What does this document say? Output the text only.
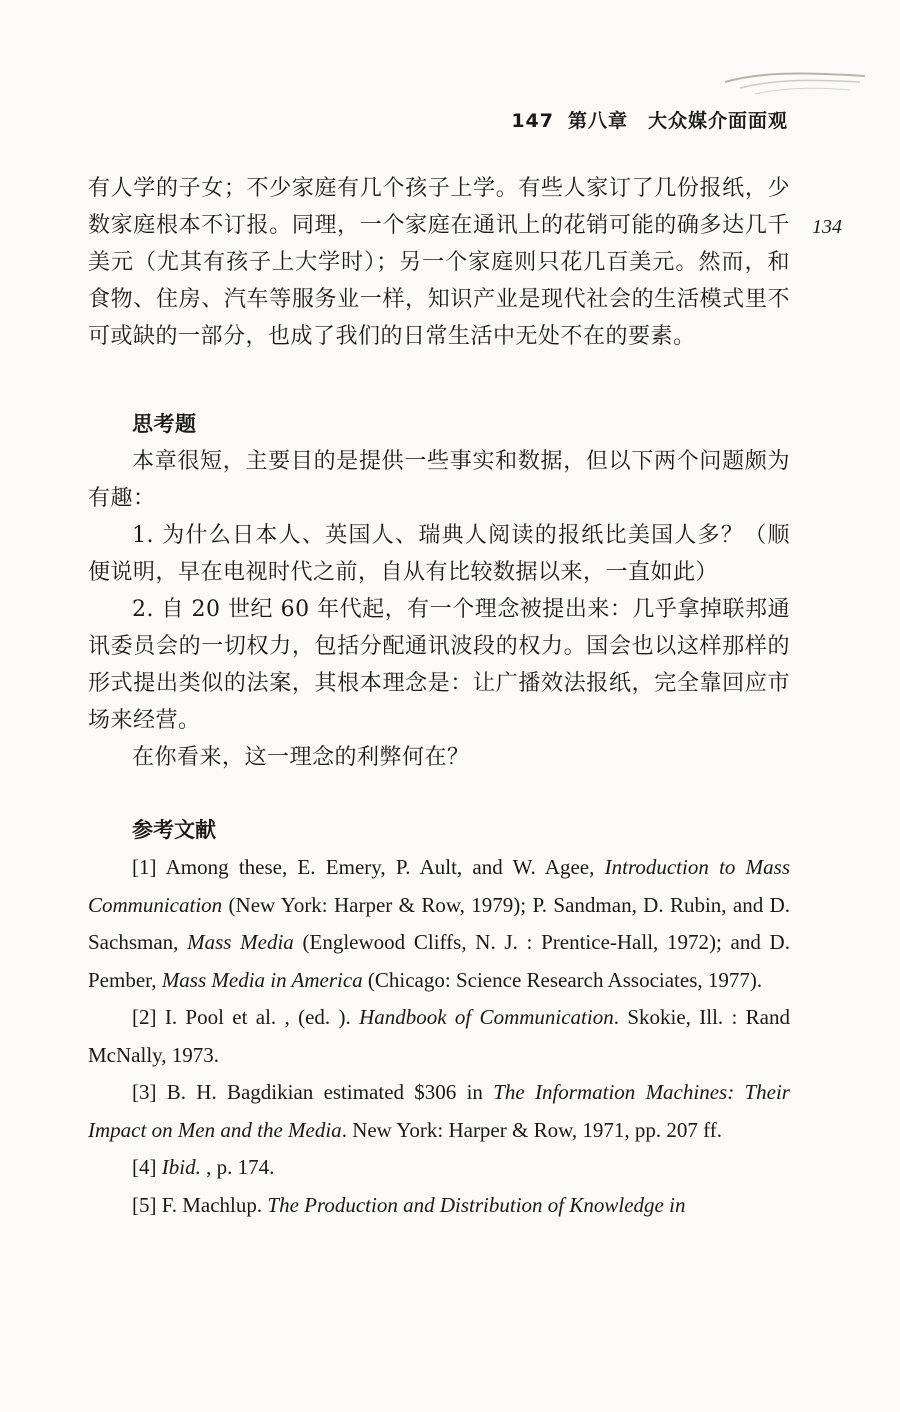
147 第八章　大众媒介面面观
134

有人学的子女；不少家庭有几个孩子上学。有些人家订了几份报纸，少数家庭根本不订报。同理，一个家庭在通讯上的花销可能的确多达几千美元（尤其有孩子上大学时）；另一个家庭则只花几百美元。然而，和食物、住房、汽车等服务业一样，知识产业是现代社会的生活模式里不可或缺的一部分，也成了我们的日常生活中无处不在的要素。

思考题

本章很短，主要目的是提供一些事实和数据，但以下两个问题颇为有趣：

1. 为什么日本人、英国人、瑞典人阅读的报纸比美国人多？（顺便说明，早在电视时代之前，自从有比较数据以来，一直如此）

2. 自 20 世纪 60 年代起，有一个理念被提出来：几乎拿掉联邦通讯委员会的一切权力，包括分配通讯波段的权力。国会也以这样那样的形式提出类似的法案，其根本理念是：让广播效法报纸，完全靠回应市场来经营。

在你看来，这一理念的利弊何在？

参考文献

[1] Among these, E. Emery, P. Ault, and W. Agee, Introduction to Mass Communication (New York: Harper & Row, 1979); P. Sandman, D. Rubin, and D. Sachsman, Mass Media (Englewood Cliffs, N. J. : Prentice-Hall, 1972); and D. Pember, Mass Media in America (Chicago: Science Research Associates, 1977).

[2] I. Pool et al. , (ed. ). Handbook of Communication. Skokie, Ill. : Rand McNally, 1973.

[3] B. H. Bagdikian estimated $306 in The Information Machines: Their Impact on Men and the Media. New York: Harper & Row, 1971, pp. 207 ff.

[4] Ibid. , p. 174.

[5] F. Machlup. The Production and Distribution of Knowledge in
